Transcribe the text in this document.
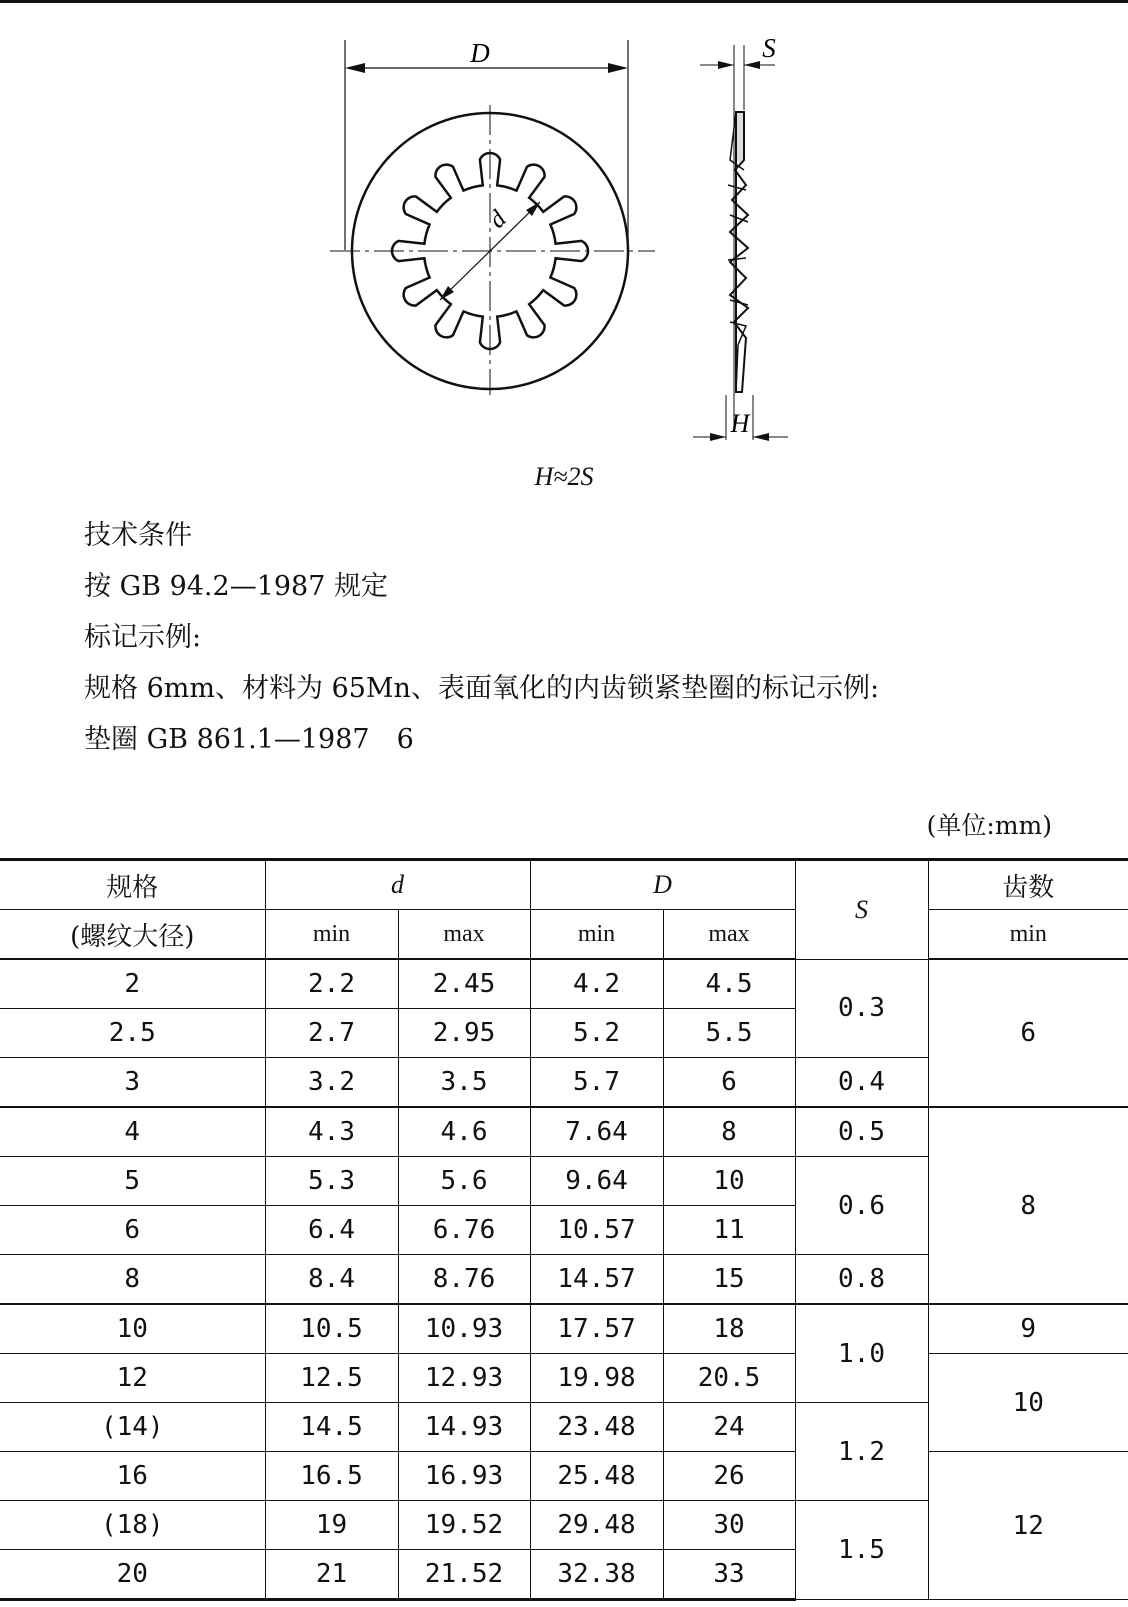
D
d
S
H
H≈2S
技术条件
按 GB 94.2—1987 规定
标记示例:
规格 6mm、材料为 65Mn、表面氧化的内齿锁紧垫圈的标记示例:
垫圈 GB 861.1—1987　6
(单位:mm)
规格	d		D		S	齿数
(螺纹大径)	min	max	min	max		min
2	2.2	2.45	4.2	4.5	0.3	6
2.5	2.7	2.95	5.2	5.5		
3	3.2	3.5	5.7	6	0.4	
4	4.3	4.6	7.64	8	0.5	8
5	5.3	5.6	9.64	10	0.6	
6	6.4	6.76	10.57	11		
8	8.4	8.76	14.57	15	0.8	
10	10.5	10.93	17.57	18	1.0	9
12	12.5	12.93	19.98	20.5		10
(14)	14.5	14.93	23.48	24	1.2	
16	16.5	16.93	25.48	26		12
(18)	19	19.52	29.48	30	1.5	
20	21	21.52	32.38	33		
